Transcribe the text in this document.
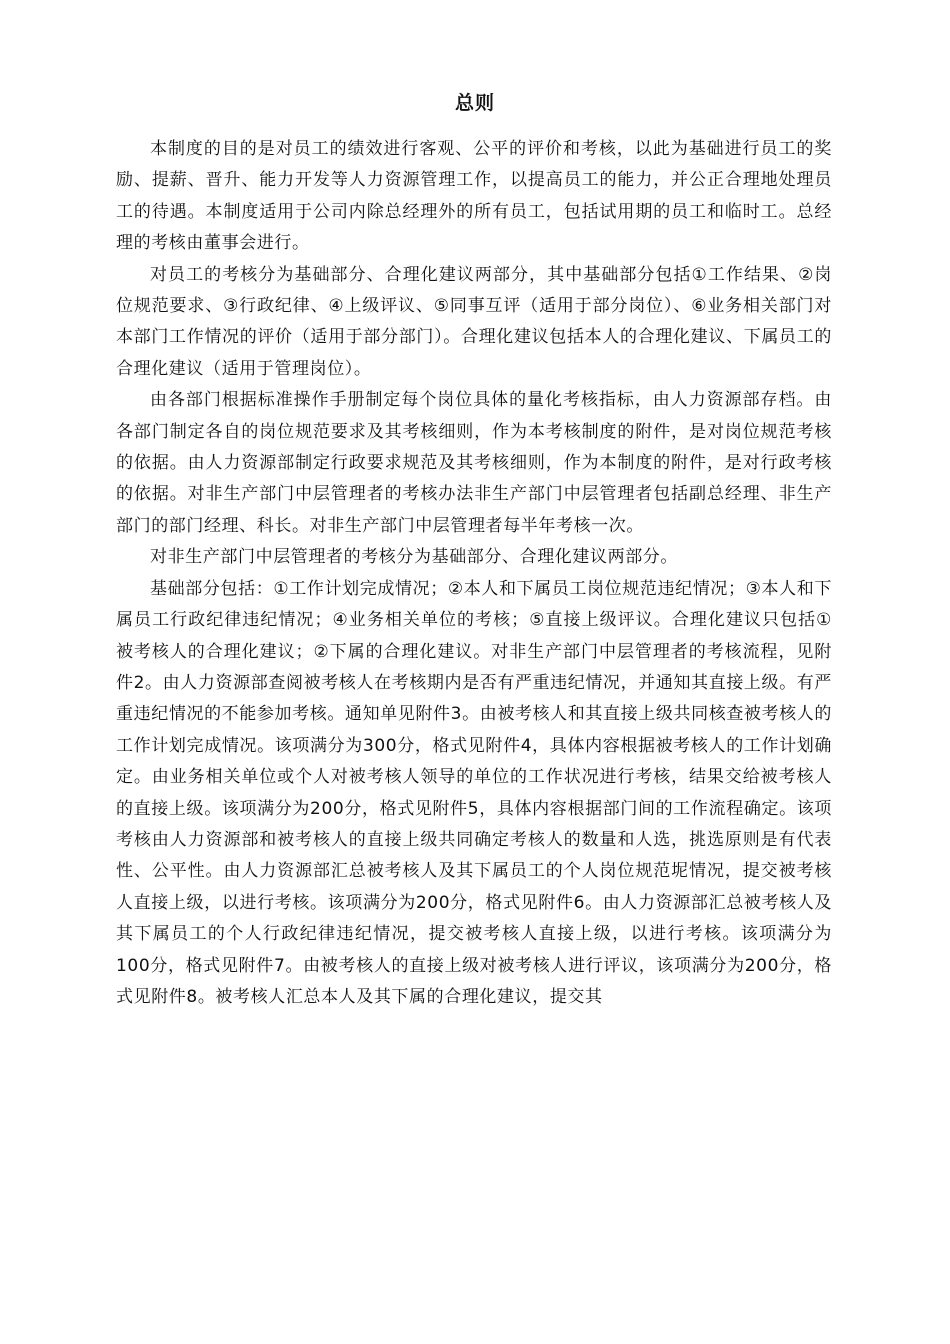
总则

本制度的目的是对员工的绩效进行客观、公平的评价和考核，以此为基础进行员工的奖励、提薪、晋升、能力开发等人力资源管理工作，以提高员工的能力，并公正合理地处理员工的待遇。本制度适用于公司内除总经理外的所有员工，包括试用期的员工和临时工。总经理的考核由董事会进行。

对员工的考核分为基础部分、合理化建议两部分，其中基础部分包括①工作结果、②岗位规范要求、③行政纪律、④上级评议、⑤同事互评（适用于部分岗位）、⑥业务相关部门对本部门工作情况的评价（适用于部分部门）。合理化建议包括本人的合理化建议、下属员工的合理化建议（适用于管理岗位）。

由各部门根据标准操作手册制定每个岗位具体的量化考核指标，由人力资源部存档。由各部门制定各自的岗位规范要求及其考核细则，作为本考核制度的附件，是对岗位规范考核的依据。由人力资源部制定行政要求规范及其考核细则，作为本制度的附件，是对行政考核的依据。对非生产部门中层管理者的考核办法非生产部门中层管理者包括副总经理、非生产部门的部门经理、科长。对非生产部门中层管理者每半年考核一次。

对非生产部门中层管理者的考核分为基础部分、合理化建议两部分。

基础部分包括：①工作计划完成情况；②本人和下属员工岗位规范违纪情况；③本人和下属员工行政纪律违纪情况；④业务相关单位的考核；⑤直接上级评议。合理化建议只包括①被考核人的合理化建议；②下属的合理化建议。对非生产部门中层管理者的考核流程，见附件2。由人力资源部查阅被考核人在考核期内是否有严重违纪情况，并通知其直接上级。有严重违纪情况的不能参加考核。通知单见附件3。由被考核人和其直接上级共同核查被考核人的工作计划完成情况。该项满分为300分，格式见附件4，具体内容根据被考核人的工作计划确定。由业务相关单位或个人对被考核人领导的单位的工作状况进行考核，结果交给被考核人的直接上级。该项满分为200分，格式见附件5，具体内容根据部门间的工作流程确定。该项考核由人力资源部和被考核人的直接上级共同确定考核人的数量和人选，挑选原则是有代表性、公平性。由人力资源部汇总被考核人及其下属员工的个人岗位规范坭情况，提交被考核人直接上级，以进行考核。该项满分为200分，格式见附件6。由人力资源部汇总被考核人及其下属员工的个人行政纪律违纪情况，提交被考核人直接上级，以进行考核。该项满分为100分，格式见附件7。由被考核人的直接上级对被考核人进行评议，该项满分为200分，格式见附件8。被考核人汇总本人及其下属的合理化建议，提交其
